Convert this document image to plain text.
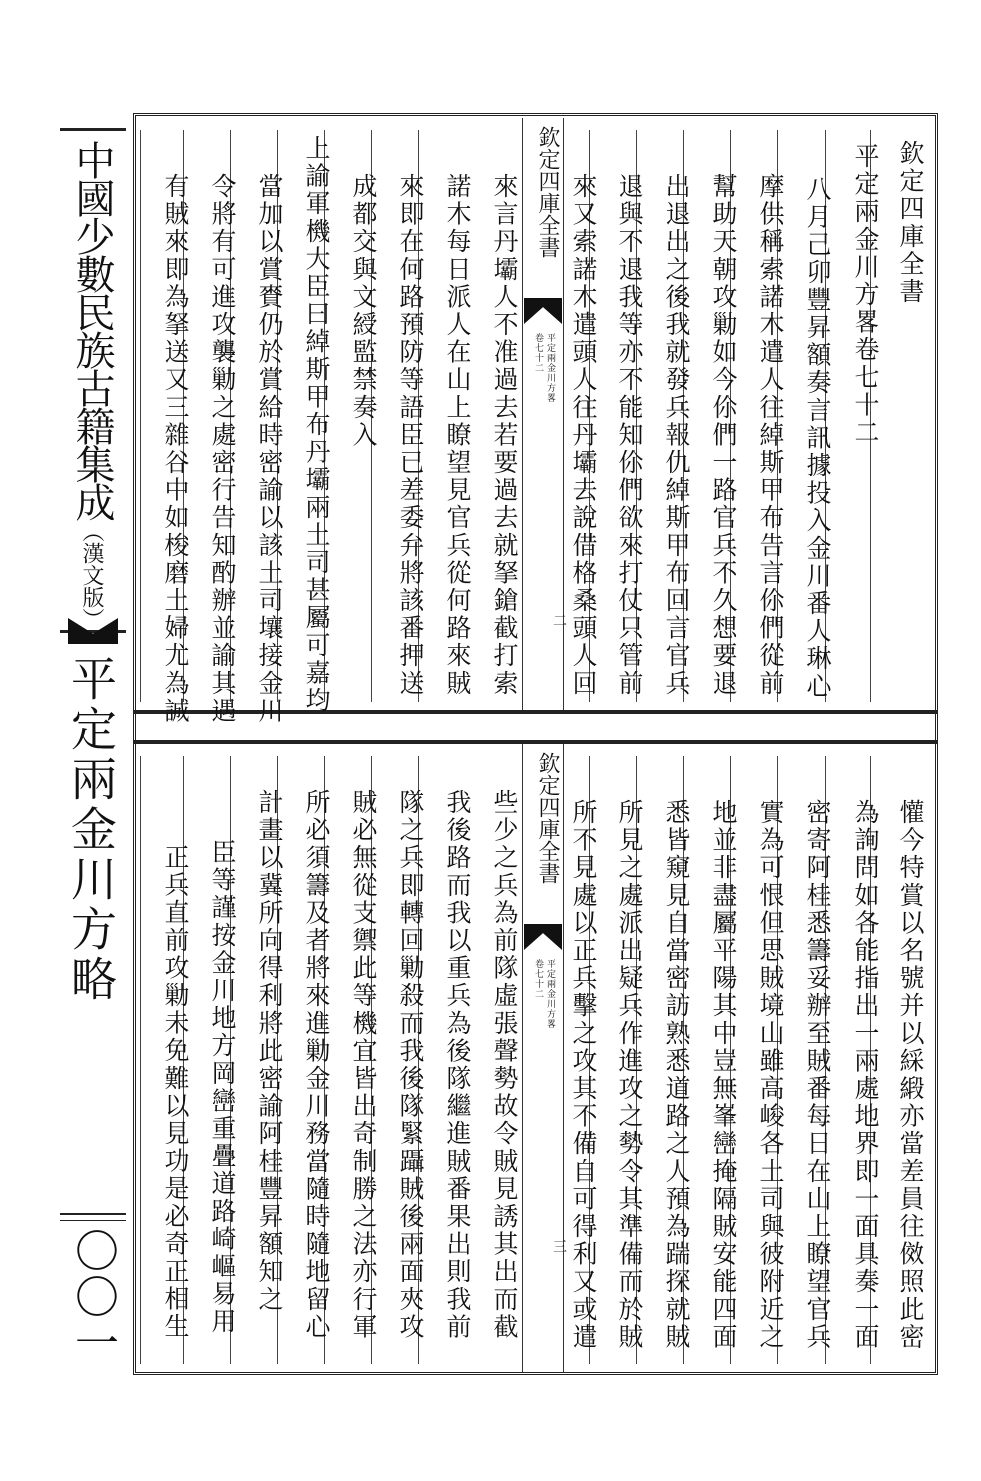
中國少數民族古籍集成
（漢文版）
平定兩金川方略
〇〇一
欽定四庫全書
平定兩金川方畧
卷七十二
二
欽定四庫全書
平定兩金川方畧卷七十二
八月己卯豐昇額奏言訊據投入金川番人琳心
摩供稱索諾木遣人往綽斯甲布告言伱們從前
幫助天朝攻勦如今伱們一路官兵不久想要退
出退出之後我就發兵報仇綽斯甲布回言官兵
退與不退我等亦不能知伱們欲來打仗只管前
來又索諾木遣頭人往丹壩去說借格桑頭人回
來言丹壩人不准過去若要過去就拏鎗截打索
諾木每日派人在山上瞭望見官兵從何路來賊
來即在何路預防等語臣已差委弁將該番押送
成都交與文綬監禁奏入
上諭軍機大臣曰綽斯甲布丹壩兩土司甚屬可嘉均
當加以賞賚仍於賞給時密諭以該土司壤接金川
令將有可進攻襲勦之處密行告知酌辦並諭其遇
有賊來即為拏送又三雜谷中如梭磨土婦尤為誠
欽定四庫全書
平定兩金川方畧
卷七十二
三	懽今特賞以名號并以綵緞亦當差員往傚照此密
為詢問如各能指出一兩處地界即一面具奏一面
密寄阿桂悉籌妥辦至賊番每日在山上瞭望官兵
實為可恨但思賊境山雖高峻各土司與彼附近之
地並非盡屬平陽其中豈無峯巒掩隔賊安能四面
悉皆窺見自當密訪熟悉道路之人預為踹探就賊
所見之處派出疑兵作進攻之勢令其準備而於賊
所不見處以正兵擊之攻其不備自可得利又或遣
些少之兵為前隊虛張聲勢故令賊見誘其出而截
我後路而我以重兵為後隊繼進賊番果出則我前
隊之兵即轉回勦殺而我後隊緊躡賊後兩面夾攻
賊必無從支禦此等機宜皆出奇制勝之法亦行軍
所必須籌及者將來進勦金川務當隨時隨地留心
計畫以冀所向得利將此密諭阿桂豐昇額知之
臣等謹按金川地方岡巒重疊道路崎嶇易用
正兵直前攻勦未免難以見功是必奇正相生
